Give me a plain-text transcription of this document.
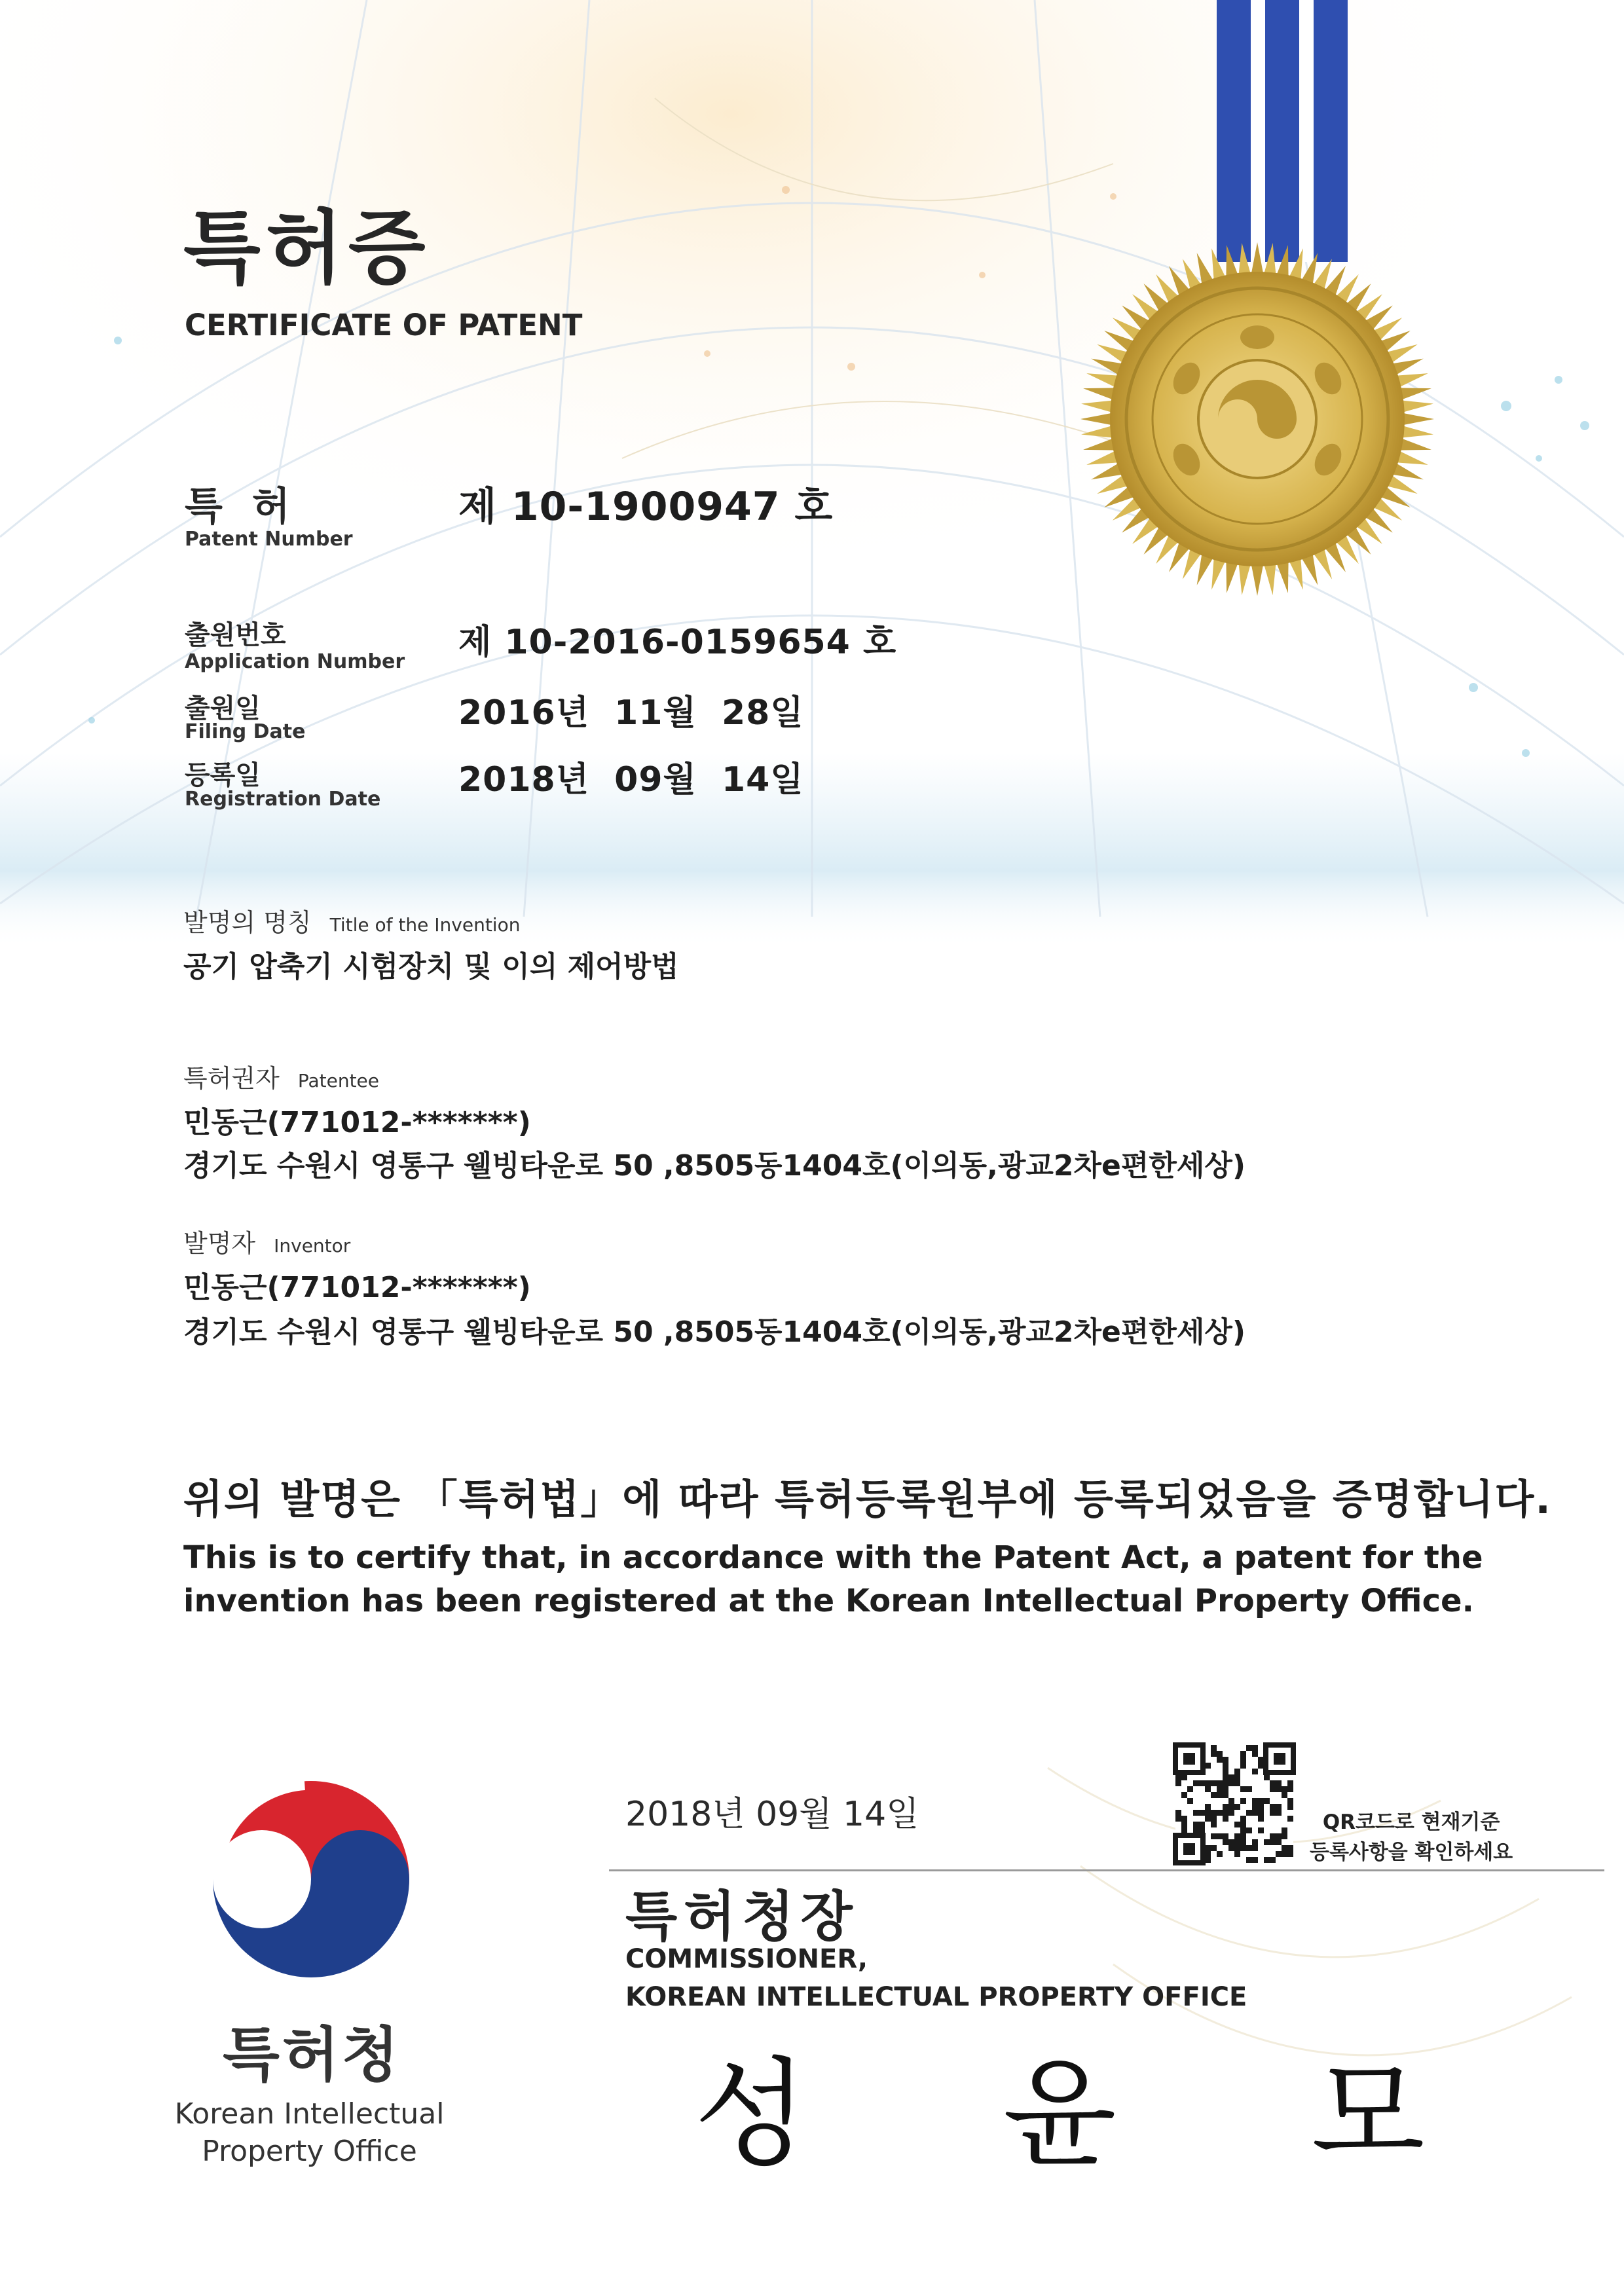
특허증
CERTIFICATE OF PATENT
특 허
Patent Number
제 10-1900947 호
출원번호
Application Number 제 10-2016-0159654 호
출원일
Filing Date	2016년  11월  28일
등록일
Registration Date 2018년  09월  14일
발명의 명칭 Title of the Invention
공기 압축기 시험장치 및 이의 제어방법
특허권자 Patentee
민동근(771012-*******)
경기도 수원시 영통구 웰빙타운로 50 ,8505동1404호(이의동,광교2차e편한세상)
발명자 Inventor
민동근(771012-*******)
경기도 수원시 영통구 웰빙타운로 50 ,8505동1404호(이의동,광교2차e편한세상)
위의 발명은 「특허법」에 따라 특허등록원부에 등록되었음을 증명합니다.
This is to certify that, in accordance with the Patent Act, a patent for the invention has been registered at the Korean Intellectual Property Office.
2018년 09월 14일
특허청장
COMMISSIONER,
KOREAN INTELLECTUAL PROPERTY OFFICE
성 윤 모
QR코드로 현재기준
등록사항을 확인하세요
특허청
Korean Intellectual Property Office
